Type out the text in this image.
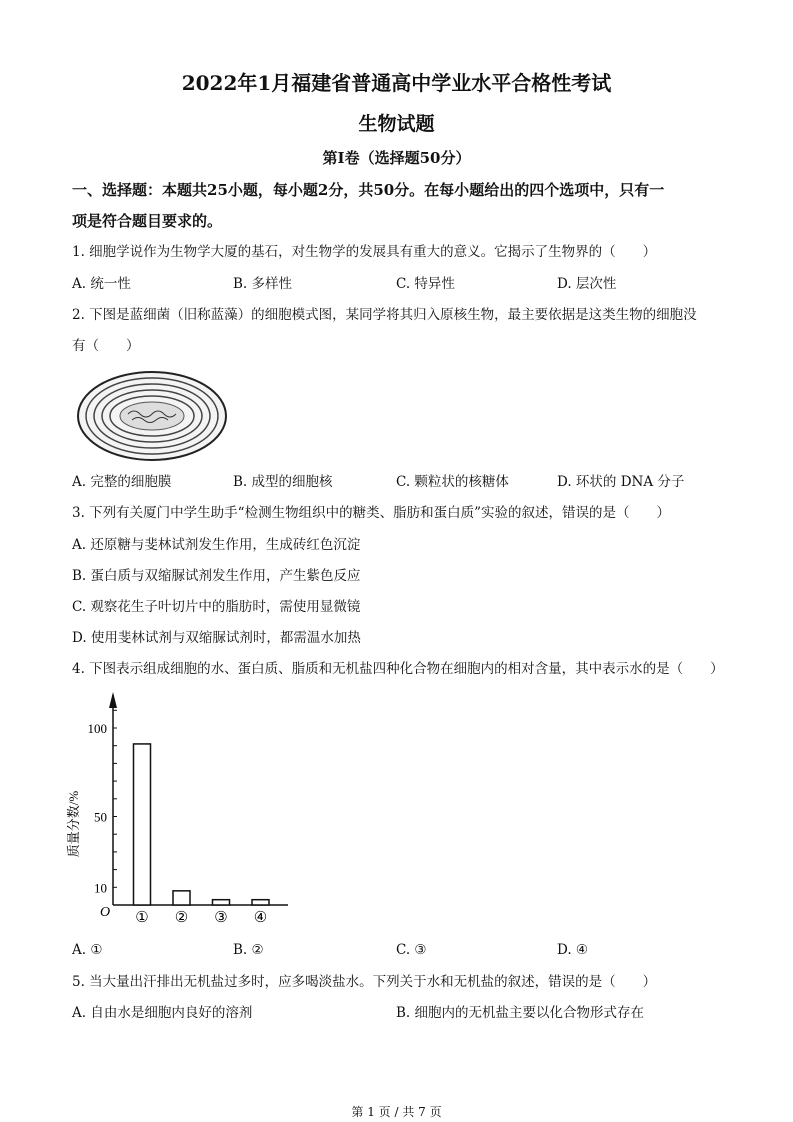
2022年1月福建省普通高中学业水平合格性考试
生物试题
第I卷（选择题50分）
一、选择题：本题共25小题，每小题2分，共50分。在每小题给出的四个选项中，只有一
项是符合题目要求的。
1. 细胞学说作为生物学大厦的基石，对生物学的发展具有重大的意义。它揭示了生物界的（　　）
A. 统一性	B. 多样性	C. 特异性	D. 层次性
2. 下图是蓝细菌（旧称蓝藻）的细胞模式图，某同学将其归入原核生物，最主要依据是这类生物的细胞没
有（　　）
A. 完整的细胞膜	B. 成型的细胞核	C. 颗粒状的核糖体	D. 环状的 DNA 分子
3. 下列有关厦门中学生助手“检测生物组织中的糖类、脂肪和蛋白质”实验的叙述，错误的是（　　）
A. 还原糖与斐林试剂发生作用，生成砖红色沉淀
B. 蛋白质与双缩脲试剂发生作用，产生紫色反应
C. 观察花生子叶切片中的脂肪时，需使用显微镜
D. 使用斐林试剂与双缩脲试剂时，都需温水加热
4. 下图表示组成细胞的水、蛋白质、脂质和无机盐四种化合物在细胞内的相对含量，其中表示水的是（　　）
质量分数/%
O
100
50
10
① ② ③ ④
A. ①	B. ②	C. ③	D. ④
5. 当大量出汗排出无机盐过多时，应多喝淡盐水。下列关于水和无机盐的叙述，错误的是（　　）
A. 自由水是细胞内良好的溶剂	B. 细胞内的无机盐主要以化合物形式存在
第 1 页 / 共 7 页
